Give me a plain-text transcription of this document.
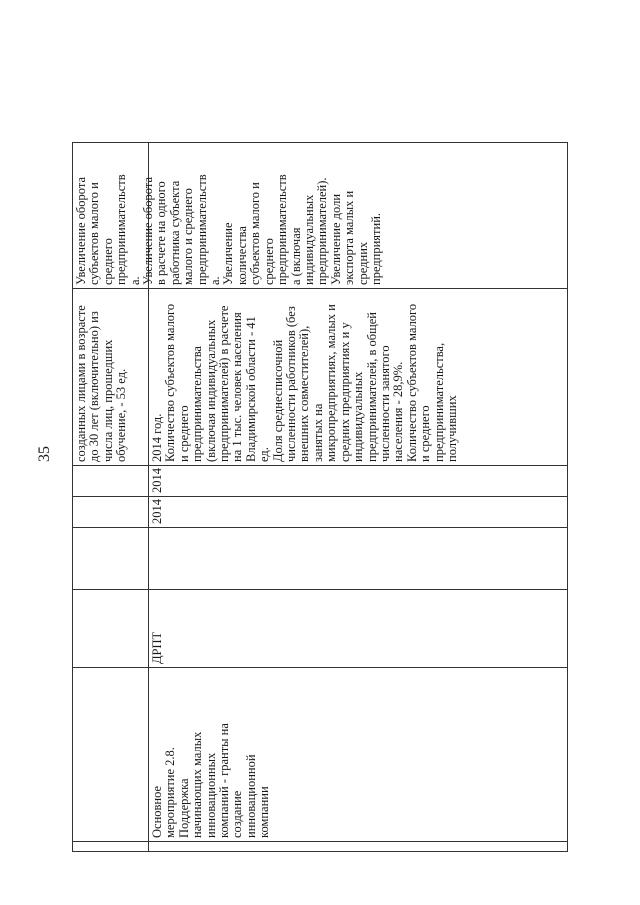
35 созданных лицами в возрасте до 30 лет (включительно) из числа лиц, прошедших обучение, - 53 ед.
Основное мероприятие 2.8. Поддержка начинающих малых инновационных компаний - гранты на создание инновационной компании
ДРПТ
2014
2014
2014 год. Количество субъектов малого и среднего предпринимательства (включая индивидуальных предпринимателей) в расчете на 1 тыс. человек населения Владимирской области - 41 ед. Доля среднесписочной численности работников (без внешних совместителей), занятых на микропредприятиях, малых и средних предприятиях и у индивидуальных предпринимателей, в общей численности занятого населения - 28,9%. Количество субъектов малого и среднего предпринимательства, получивших
Увеличение оборота субъектов малого и среднего предпринимательств а. Увеличение оборота в расчете на одного работника субъекта малого и среднего предпринимательств а. Увеличение количества субъектов малого и среднего предпринимательств а (включая индивидуальных предпринимателей). Увеличение доли экспорта малых и средних предприятий.
